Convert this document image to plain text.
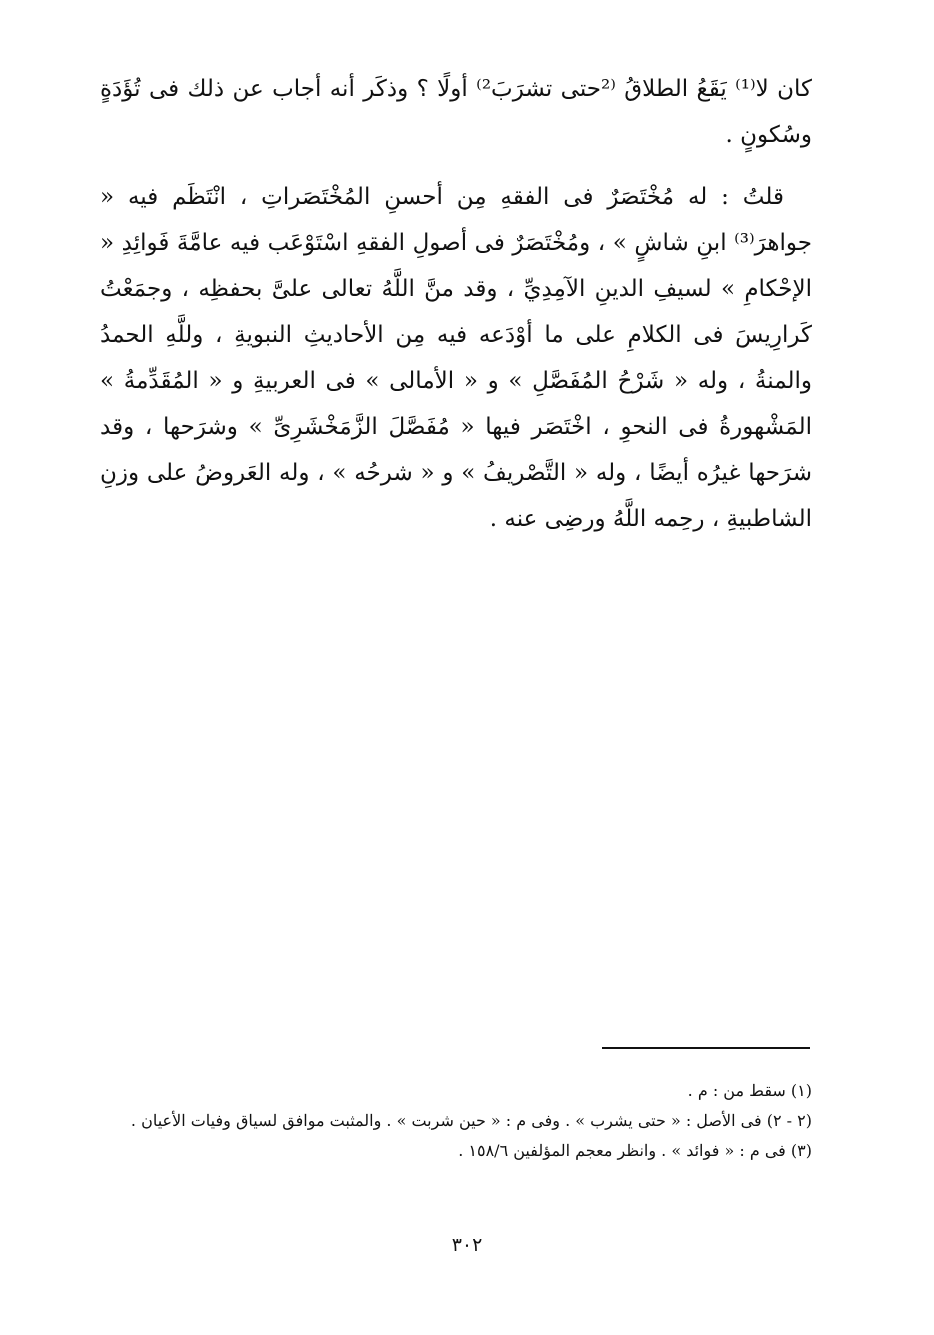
كان لا⁽¹⁾ يَقَعُ الطلاقُ ⁽²حتى تشرَبَ²⁾ أولًا ؟ وذكَر أنه أجاب عن ذلك فى تُؤَدَةٍ وسُكونٍ .

قلتُ : له مُخْتَصَرٌ فى الفقهِ مِن أحسنِ المُخْتَصَراتِ ، انْتَظَم فيه « جواهرَ⁽³⁾ ابنِ شاشٍ » ، ومُخْتَصَرٌ فى أصولِ الفقهِ اسْتَوْعَب فيه عامَّةَ فَوائِدِ « الإحْكامِ » لسيفِ الدينِ الآمِدِيِّ ، وقد منَّ اللَّهُ تعالى علىَّ بحفظِه ، وجمَعْتُ كَرارِيسَ فى الكلامِ على ما أوْدَعه فيه مِن الأحاديثِ النبويةِ ، وللَّهِ الحمدُ والمنةُ ، وله « شَرْحُ المُفَصَّلِ » و « الأمالى » فى العربيةِ و « المُقَدِّمةُ » المَشْهورةُ فى النحوِ ، اخْتَصَر فيها « مُفَصَّلَ الزَّمَخْشَرِىِّ » وشرَحها ، وقد شرَحها غيرُه أيضًا ، وله « التَّصْريفُ » و « شرحُه » ، وله العَروضُ على وزنِ الشاطبيةِ ، رحِمه اللَّهُ ورضِى عنه .

(١) سقط من : م .
(٢ - ٢) فى الأصل : « حتى يشرب » . وفى م : « حين شربت » . والمثبت موافق لسياق وفيات الأعيان .
(٣) فى م : « فوائد » . وانظر معجم المؤلفين ١٥٨/٦ .
٣٠٢
